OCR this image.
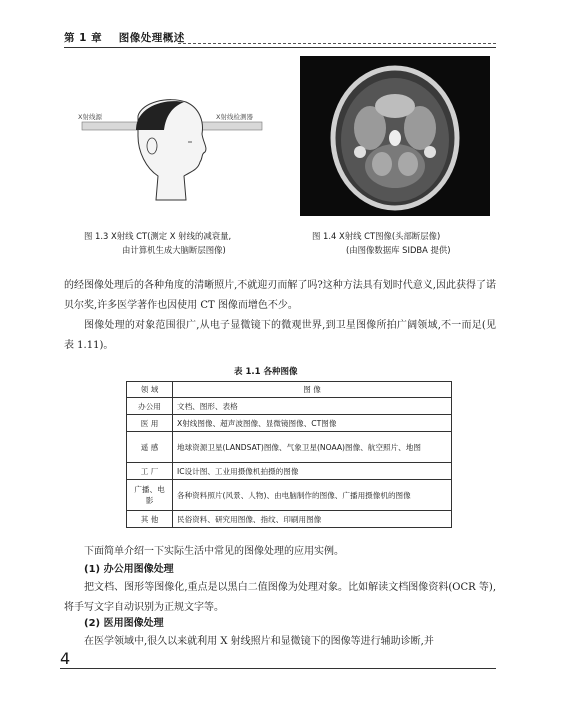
第 1 章 图像处理概述
X射线源	X射线检测器
图 1.3 X射线 CT(测定 X 射线的减衰量,
由计算机生成大脑断层图像)
图 1.4 X射线 CT图像(头部断层像)
(由图像数据库 SIDBA 提供)
的经图像处理后的各种角度的清晰照片,不就迎刃而解了吗?这种方法具有划时代意义,因此获得了诺贝尔奖,许多医学著作也因使用 CT 图像而增色不少。
图像处理的对象范围很广,从电子显微镜下的微观世界,到卫星图像所拍广阔领域,不一而足(见表 1.11)。
表 1.1 各种图像
领 域	图 像
办公用	文档、图形、表格
医 用	X射线图像、超声波图像、显微镜图像、CT图像
遥 感	地球资源卫星(LANDSAT)图像、气象卫星(NOAA)图像、航空照片、地图
工 厂	IC设计图、工业用摄像机拍摄的图像
广播、电影	各种资料照片(风景、人物)、由电脑制作的图像、广播用摄像机的图像
其 他	民俗资料、研究用图像、指纹、印刷用图像
下面简单介绍一下实际生活中常见的图像处理的应用实例。
(1) 办公用图像处理
把文档、图形等图像化,重点是以黑白二值图像为处理对象。比如解读文档图像资料(OCR 等),将手写文字自动识别为正规文字等。
(2) 医用图像处理
在医学领域中,很久以来就利用 X 射线照片和显微镜下的图像等进行辅助诊断,并
4
